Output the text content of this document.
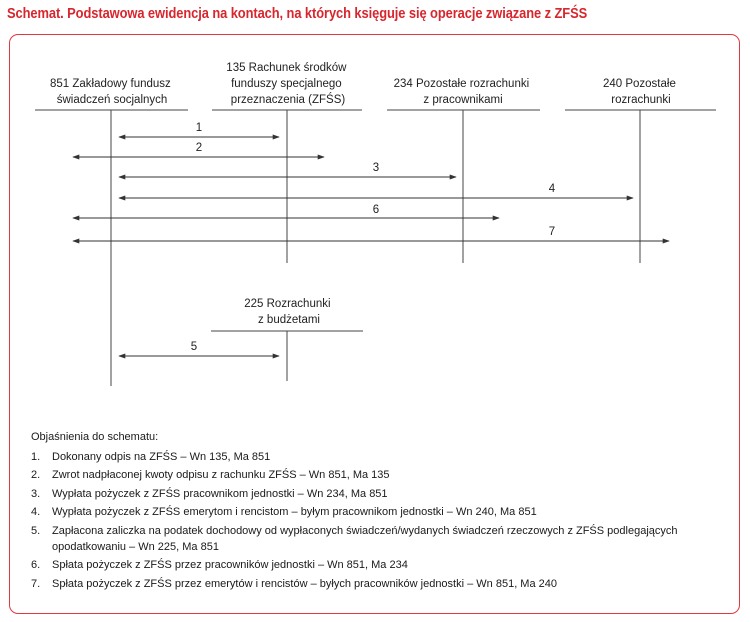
Schemat. Podstawowa ewidencja na kontach, na których księguje się operacje związane z ZFŚS
851 Zakładowy fundusz świadczeń socjalnych
135 Rachunek środków funduszy specjalnego przeznaczenia (ZFŚS)
234 Pozostałe rozrachunki z pracownikami
240 Pozostałe rozrachunki
225 Rozrachunki z budżetami
1
2
3
4
6
7
5
Objaśnienia do schematu:
1. Dokonany odpis na ZFŚS – Wn 135, Ma 851
2. Zwrot nadpłaconej kwoty odpisu z rachunku ZFŚS – Wn 851, Ma 135
3. Wypłata pożyczek z ZFŚS pracownikom jednostki – Wn 234, Ma 851
4. Wypłata pożyczek z ZFŚS emerytom i rencistom – byłym pracownikom jednostki – Wn 240, Ma 851
5. Zapłacona zaliczka na podatek dochodowy od wypłaconych świadczeń/wydanych świadczeń rzeczowych z ZFŚS podlegających opodatkowaniu – Wn 225, Ma 851
6. Spłata pożyczek z ZFŚS przez pracowników jednostki – Wn 851, Ma 234
7. Spłata pożyczek z ZFŚS przez emerytów i rencistów – byłych pracowników jednostki – Wn 851, Ma 240
